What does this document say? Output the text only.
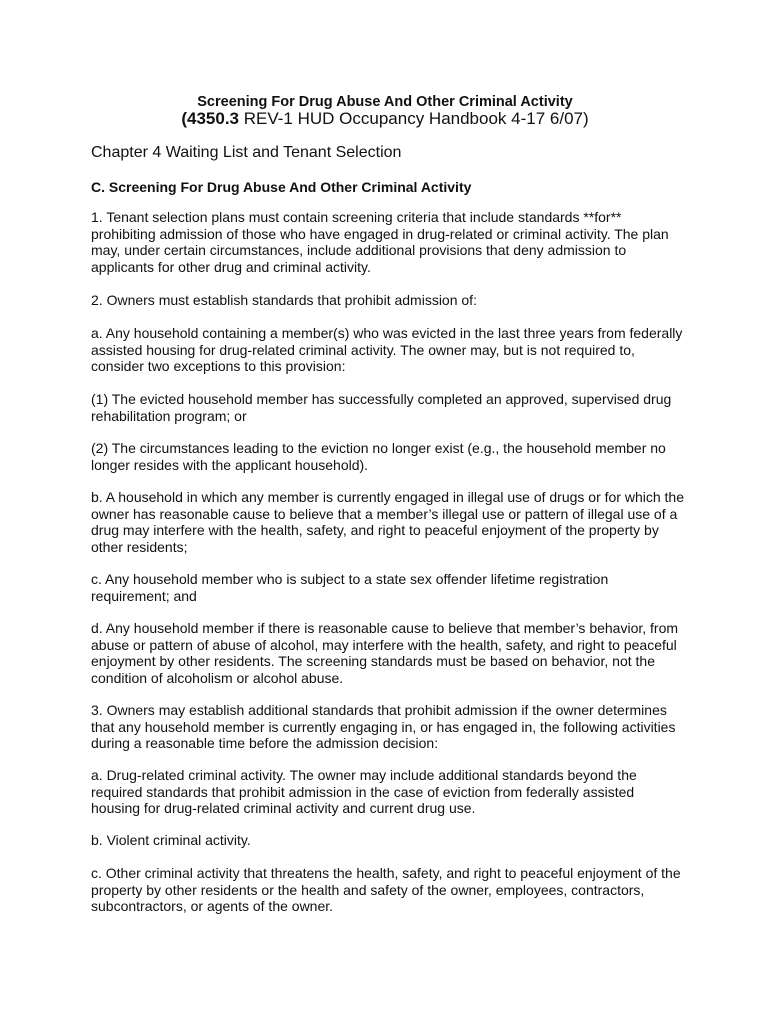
Screening For Drug Abuse And Other Criminal Activity
(4350.3 REV-1 HUD Occupancy Handbook 4-17 6/07)
Chapter 4 Waiting List and Tenant Selection
C. Screening For Drug Abuse And Other Criminal Activity
1. Tenant selection plans must contain screening criteria that include standards **for**
prohibiting admission of those who have engaged in drug-related or criminal activity. The plan
may, under certain circumstances, include additional provisions that deny admission to
applicants for other drug and criminal activity.
2. Owners must establish standards that prohibit admission of:
a. Any household containing a member(s) who was evicted in the last three years from federally
assisted housing for drug-related criminal activity. The owner may, but is not required to,
consider two exceptions to this provision:
(1) The evicted household member has successfully completed an approved, supervised drug
rehabilitation program; or
(2) The circumstances leading to the eviction no longer exist (e.g., the household member no
longer resides with the applicant household).
b. A household in which any member is currently engaged in illegal use of drugs or for which the
owner has reasonable cause to believe that a member’s illegal use or pattern of illegal use of a
drug may interfere with the health, safety, and right to peaceful enjoyment of the property by
other residents;
c. Any household member who is subject to a state sex offender lifetime registration
requirement; and
d. Any household member if there is reasonable cause to believe that member’s behavior, from
abuse or pattern of abuse of alcohol, may interfere with the health, safety, and right to peaceful
enjoyment by other residents. The screening standards must be based on behavior, not the
condition of alcoholism or alcohol abuse.
3. Owners may establish additional standards that prohibit admission if the owner determines
that any household member is currently engaging in, or has engaged in, the following activities
during a reasonable time before the admission decision:
a. Drug-related criminal activity. The owner may include additional standards beyond the
required standards that prohibit admission in the case of eviction from federally assisted
housing for drug-related criminal activity and current drug use.
b. Violent criminal activity.
c. Other criminal activity that threatens the health, safety, and right to peaceful enjoyment of the
property by other residents or the health and safety of the owner, employees, contractors,
subcontractors, or agents of the owner.
